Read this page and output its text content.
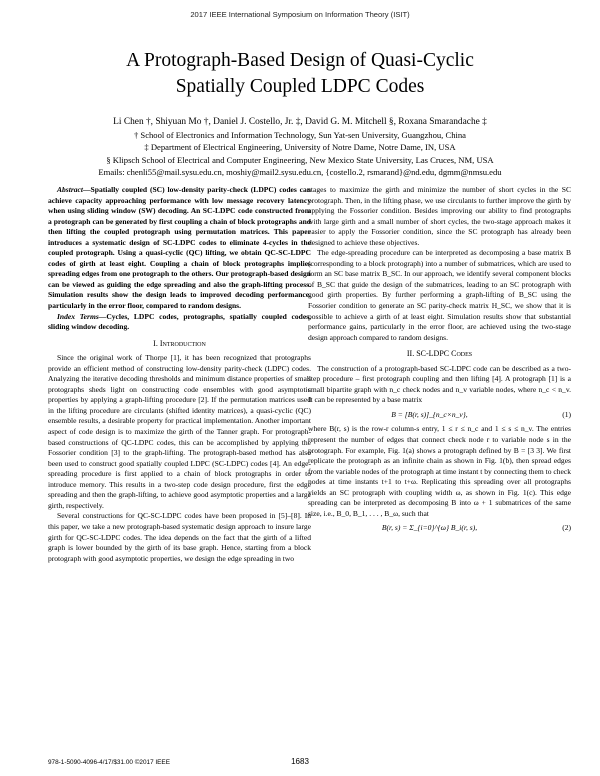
2017 IEEE International Symposium on Information Theory (ISIT)
A Protograph-Based Design of Quasi-Cyclic
Spatially Coupled LDPC Codes
Li Chen †, Shiyuan Mo †, Daniel J. Costello, Jr. ‡, David G. M. Mitchell §, Roxana Smarandache ‡
† School of Electronics and Information Technology, Sun Yat-sen University, Guangzhou, China
‡ Department of Electrical Engineering, University of Notre Dame, Notre Dame, IN, USA
§ Klipsch School of Electrical and Computer Engineering, New Mexico State University, Las Cruces, NM, USA
Emails: chenli55@mail.sysu.edu.cn, moshiy@mail2.sysu.edu.cn, {costello.2, rsmarand}@nd.edu, dgmm@nmsu.edu

Abstract—Spatially coupled (SC) low-density parity-check (LDPC) codes can achieve capacity approaching performance with low message recovery latency when using sliding window (SW) decoding. An SC-LDPC code constructed from a protograph can be generated by first coupling a chain of block protographs and then lifting the coupled protograph using permutation matrices. This paper introduces a systematic design of SC-LDPC codes to eliminate 4-cycles in the coupled protograph. Using a quasi-cyclic (QC) lifting, we obtain QC-SC-LDPC codes of girth at least eight. Coupling a chain of block protographs implies spreading edges from one protograph to the others. Our protograph-based design can be viewed as guiding the edge spreading and also the graph-lifting process. Simulation results show the design leads to improved decoding performance, particularly in the error floor, compared to random designs.

Index Terms—Cycles, LDPC codes, protographs, spatially coupled codes, sliding window decoding.

I. Introduction

Since the original work of Thorpe [1], it has been recognized that protographs provide an efficient method of constructing low-density parity-check (LDPC) codes. Analyzing the iterative decoding thresholds and minimum distance properties of small protographs sheds light on constructing code ensembles with good asymptotic properties by applying a graph-lifting procedure [2]. If the permutation matrices used in the lifting procedure are circulants (shifted identity matrices), a quasi-cyclic (QC) ensemble results, a desirable property for practical implementation. Another important aspect of code design is to maximize the girth of the Tanner graph. For protograph-based constructions of QC-LDPC codes, this can be accomplished by applying the Fossorier condition [3] to the graph-lifting. The protograph-based method has also been used to construct good spatially coupled LDPC (SC-LDPC) codes [4]. An edge-spreading procedure is first applied to a chain of block protographs in order to introduce memory. This results in a two-step code design procedure, first the edge spreading and then the graph-lifting, to achieve good asymptotic properties and a large girth, respectively.

Several constructions for QC-SC-LDPC codes have been proposed in [5]–[8]. In this paper, we take a new protograph-based systematic design approach to insure large girth for QC-SC-LDPC codes. The idea depends on the fact that the girth of a lifted graph is lower bounded by the girth of its base graph. Hence, starting from a block protograph with good asymptotic properties, we design the edge spreading in two

stages to maximize the girth and minimize the number of short cycles in the SC protograph. Then, in the lifting phase, we use circulants to further improve the girth by applying the Fossorier condition. Besides improving our ability to find protographs with large girth and a small number of short cycles, the two-stage approach makes it easier to apply the Fossorier condition, since the SC protograph has already been designed to achieve these objectives.

The edge-spreading procedure can be interpreted as decomposing a base matrix B (corresponding to a block protograph) into a number of submatrices, which are used to form an SC base matrix B_SC. In our approach, we identify several component blocks of B_SC that guide the design of the submatrices, leading to an SC protograph with good girth properties. By further performing a graph-lifting of B_SC using the Fossorier condition to generate an SC parity-check matrix H_SC, we show that it is possible to achieve a girth of at least eight. Simulation results show that substantial performance gains, particularly in the error floor, are achieved using the two-stage design approach compared to random designs.

II. SC-LDPC Codes

The construction of a protograph-based SC-LDPC code can be described as a two-step procedure – first protograph coupling and then lifting [4]. A protograph [1] is a small bipartite graph with n_c check nodes and n_v variable nodes, where n_c < n_v. It can be represented by a base matrix

B = [B(r, s)]_{n_c×n_v},	(1)

where B(r, s) is the row-r column-s entry, 1 ≤ r ≤ n_c and 1 ≤ s ≤ n_v. The entries represent the number of edges that connect check node r to variable node s in the protograph. For example, Fig. 1(a) shows a protograph defined by B = [3 3]. We first replicate the protograph as an infinite chain as shown in Fig. 1(b), then spread edges from the variable nodes of the protograph at time instant t by connecting them to check nodes at time instants t+1 to t+ω. Replicating this spreading over all protographs yields an SC protograph with coupling width ω, as shown in Fig. 1(c). This edge spreading can be interpreted as decomposing B into ω + 1 submatrices of the same size, i.e., B_0, B_1, . . . , B_ω, such that

B(r, s) = Σ_{i=0}^{ω} B_i(r, s),	(2)
978-1-5090-4096-4/17/$31.00 ©2017 IEEE	1683
